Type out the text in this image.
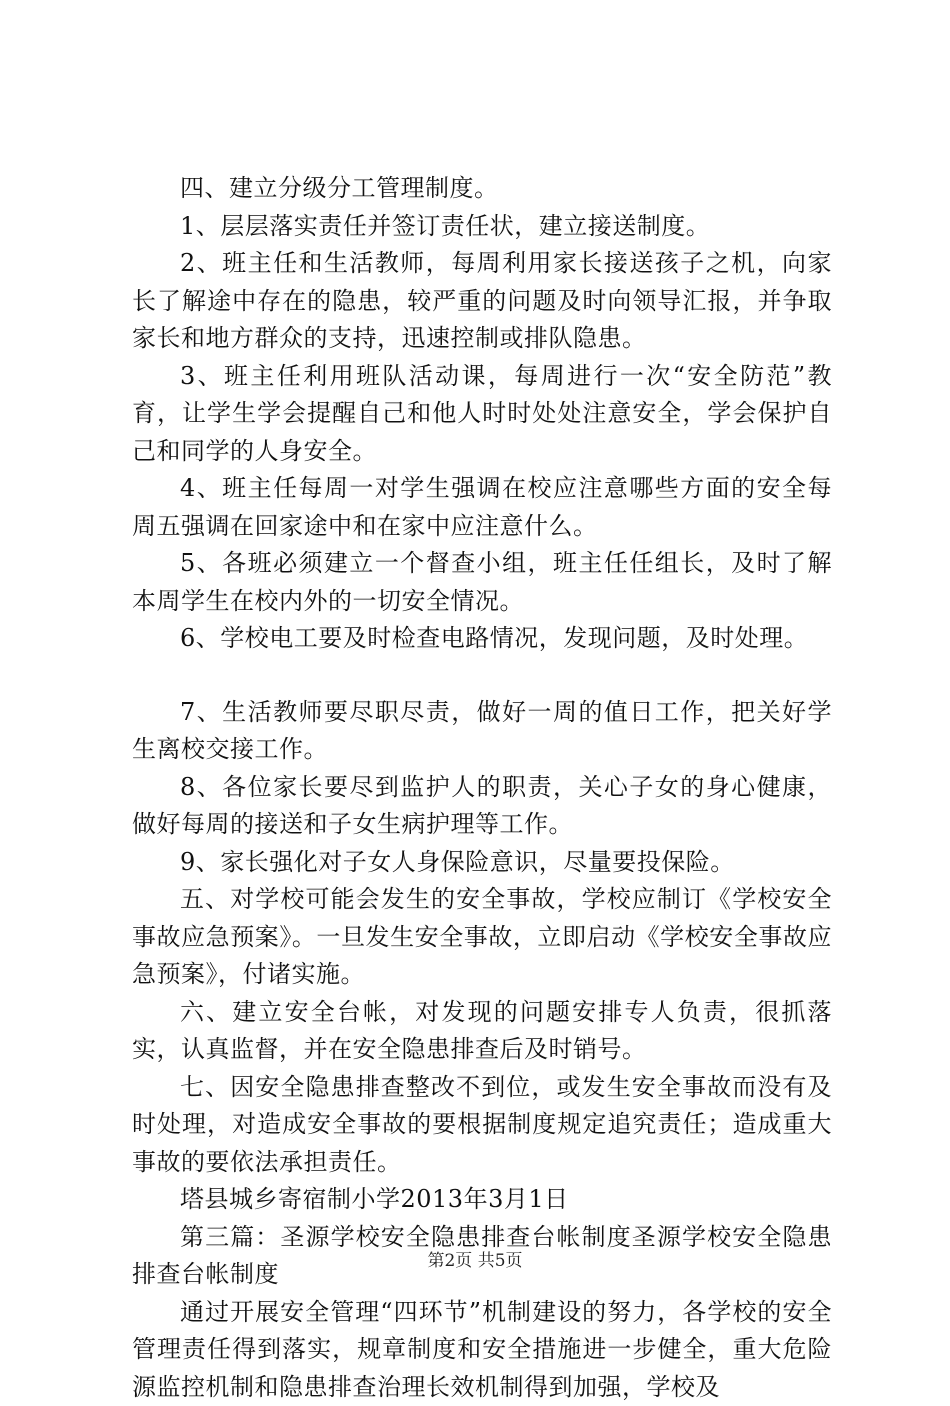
四、建立分级分工管理制度。

1、层层落实责任并签订责任状，建立接送制度。

2、班主任和生活教师，每周利用家长接送孩子之机，向家长了解途中存在的隐患，较严重的问题及时向领导汇报，并争取家长和地方群众的支持，迅速控制或排队隐患。

3、班主任利用班队活动课，每周进行一次“安全防范”教育，让学生学会提醒自己和他人时时处处注意安全，学会保护自己和同学的人身安全。

4、班主任每周一对学生强调在校应注意哪些方面的安全每周五强调在回家途中和在家中应注意什么。

5、各班必须建立一个督查小组，班主任任组长，及时了解本周学生在校内外的一切安全情况。

6、学校电工要及时检查电路情况，发现问题，及时处理。

7、生活教师要尽职尽责，做好一周的值日工作，把关好学生离校交接工作。

8、各位家长要尽到监护人的职责，关心子女的身心健康，做好每周的接送和子女生病护理等工作。

9、家长强化对子女人身保险意识，尽量要投保险。

五、对学校可能会发生的安全事故，学校应制订《学校安全事故应急预案》。一旦发生安全事故，立即启动《学校安全事故应急预案》，付诸实施。

六、建立安全台帐，对发现的问题安排专人负责，很抓落实，认真监督，并在安全隐患排查后及时销号。

七、因安全隐患排查整改不到位，或发生安全事故而没有及时处理，对造成安全事故的要根据制度规定追究责任；造成重大事故的要依法承担责任。

塔县城乡寄宿制小学2013年3月1日

第三篇：圣源学校安全隐患排查台帐制度圣源学校安全隐患排查台帐制度

通过开展安全管理“四环节”机制建设的努力，各学校的安全管理责任得到落实，规章制度和安全措施进一步健全，重大危险源监控机制和隐患排查治理长效机制得到加强，学校及

第2页 共5页
